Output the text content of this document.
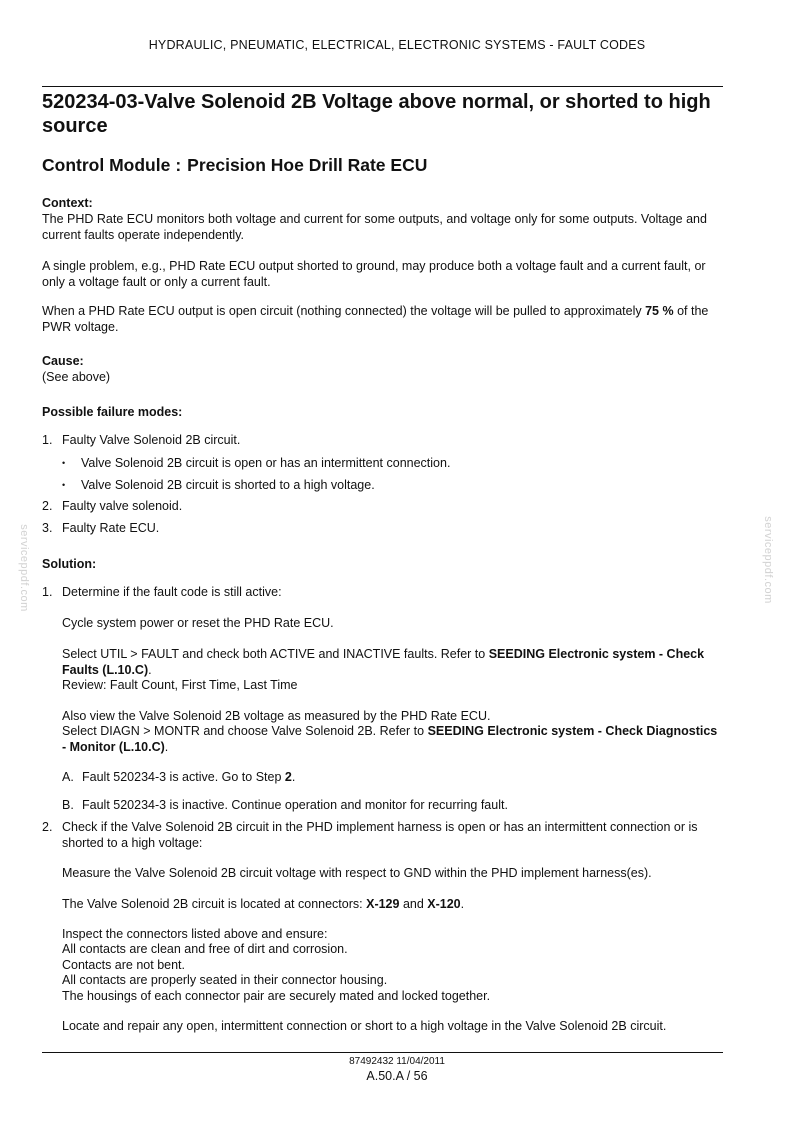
HYDRAULIC, PNEUMATIC, ELECTRICAL, ELECTRONIC SYSTEMS - FAULT CODES
520234-03-Valve Solenoid 2B Voltage above normal, or shorted to high source
Control Module : Precision Hoe Drill Rate ECU

Context:

The PHD Rate ECU monitors both voltage and current for some outputs, and voltage only for some outputs. Voltage and current faults operate independently.

A single problem, e.g., PHD Rate ECU output shorted to ground, may produce both a voltage fault and a current fault, or only a voltage fault or only a current fault.

When a PHD Rate ECU output is open circuit (nothing connected) the voltage will be pulled to approximately 75 % of the PWR voltage.

Cause:

(See above)

Possible failure modes:

1. Faulty Valve Solenoid 2B circuit.

• Valve Solenoid 2B circuit is open or has an intermittent connection.

• Valve Solenoid 2B circuit is shorted to a high voltage.

2. Faulty valve solenoid.

3. Faulty Rate ECU.

Solution:

1. Determine if the fault code is still active:

Cycle system power or reset the PHD Rate ECU.

Select UTIL > FAULT and check both ACTIVE and INACTIVE faults. Refer to SEEDING Electronic system - Check Faults (L.10.C).

Review: Fault Count, First Time, Last Time

Also view the Valve Solenoid 2B voltage as measured by the PHD Rate ECU.

Select DIAGN > MONTR and choose Valve Solenoid 2B. Refer to SEEDING Electronic system - Check Diagnostics - Monitor (L.10.C).

A. Fault 520234-3 is active. Go to Step 2.

B. Fault 520234-3 is inactive. Continue operation and monitor for recurring fault.

2. Check if the Valve Solenoid 2B circuit in the PHD implement harness is open or has an intermittent connection or is shorted to a high voltage:

Measure the Valve Solenoid 2B circuit voltage with respect to GND within the PHD implement harness(es).

The Valve Solenoid 2B circuit is located at connectors: X-129 and X-120.

Inspect the connectors listed above and ensure:

All contacts are clean and free of dirt and corrosion.

Contacts are not bent.

All contacts are properly seated in their connector housing.

The housings of each connector pair are securely mated and locked together.

Locate and repair any open, intermittent connection or short to a high voltage in the Valve Solenoid 2B circuit.

serviceppdf.com	serviceppdf.com
87492432 11/04/2011
A.50.A / 56
